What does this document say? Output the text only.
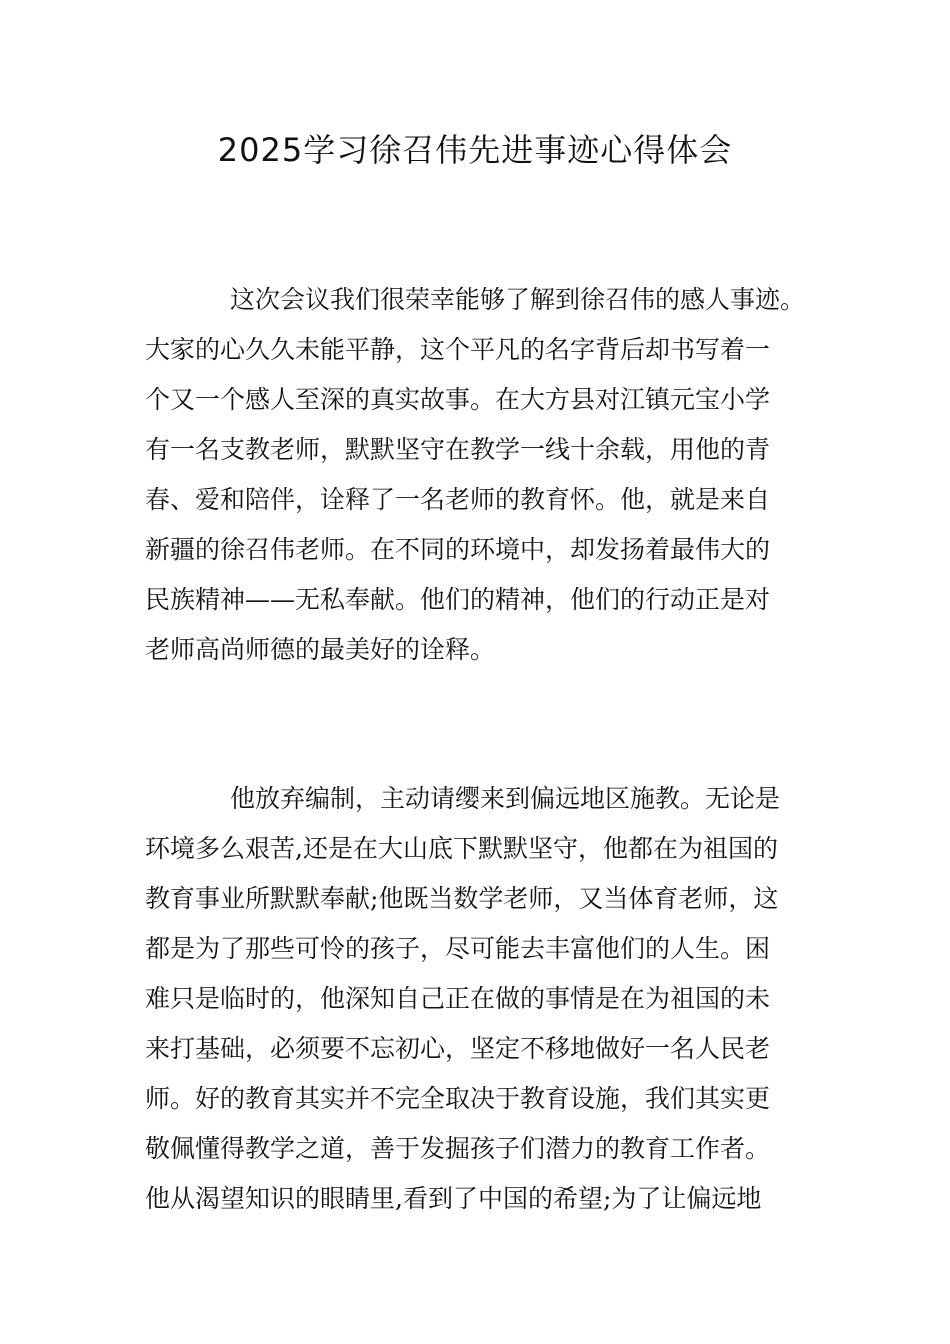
2025学习徐召伟先进事迹心得体会
这次会议我们很荣幸能够了解到徐召伟的感人事迹。
大家的心久久未能平静，这个平凡的名字背后却书写着一
个又一个感人至深的真实故事。在大方县对江镇元宝小学
有一名支教老师，默默坚守在教学一线十余载，用他的青
春、爱和陪伴，诠释了一名老师的教育怀。他，就是来自
新疆的徐召伟老师。在不同的环境中，却发扬着最伟大的
民族精神——无私奉献。他们的精神，他们的行动正是对
老师高尚师德的最美好的诠释。
他放弃编制，主动请缨来到偏远地区施教。无论是
环境多么艰苦,还是在大山底下默默坚守，他都在为祖国的
教育事业所默默奉献;他既当数学老师，又当体育老师，这
都是为了那些可怜的孩子，尽可能去丰富他们的人生。困
难只是临时的，他深知自己正在做的事情是在为祖国的未
来打基础，必须要不忘初心，坚定不移地做好一名人民老
师。好的教育其实并不完全取决于教育设施，我们其实更
敬佩懂得教学之道，善于发掘孩子们潜力的教育工作者。
他从渴望知识的眼睛里,看到了中国的希望;为了让偏远地
